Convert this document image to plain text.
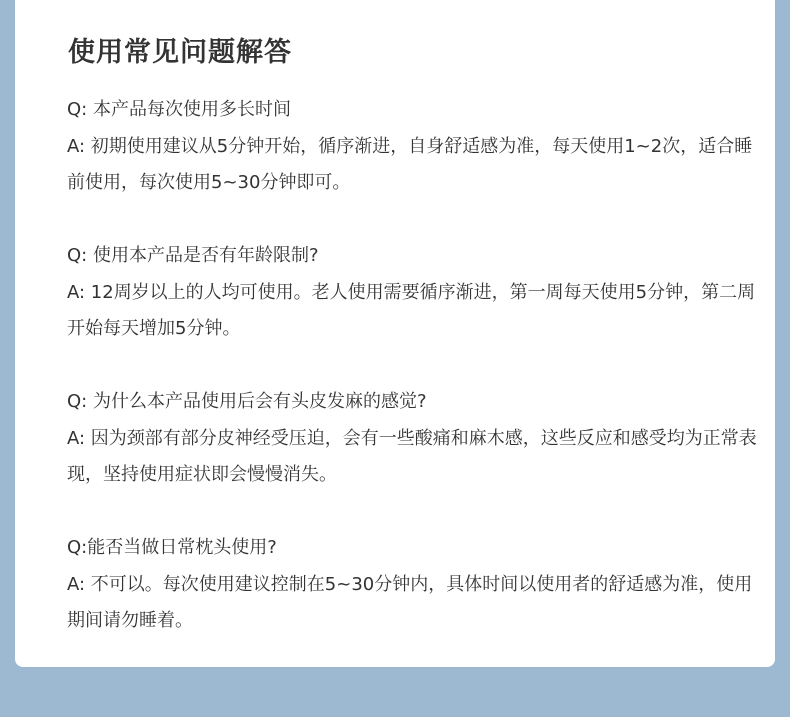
使用常见问题解答

Q: 本产品每次使用多长时间

A: 初期使用建议从5分钟开始，循序渐进，自身舒适感为准，每天使用1~2次，适合睡前使用，每次使用5~30分钟即可。

Q: 使用本产品是否有年龄限制?

A: 12周岁以上的人均可使用。老人使用需要循序渐进，第一周每天使用5分钟，第二周开始每天增加5分钟。

Q: 为什么本产品使用后会有头皮发麻的感觉?

A: 因为颈部有部分皮神经受压迫，会有一些酸痛和麻木感，这些反应和感受均为正常表现，坚持使用症状即会慢慢消失。

Q:能否当做日常枕头使用?

A: 不可以。每次使用建议控制在5~30分钟内，具体时间以使用者的舒适感为准，使用期间请勿睡着。
